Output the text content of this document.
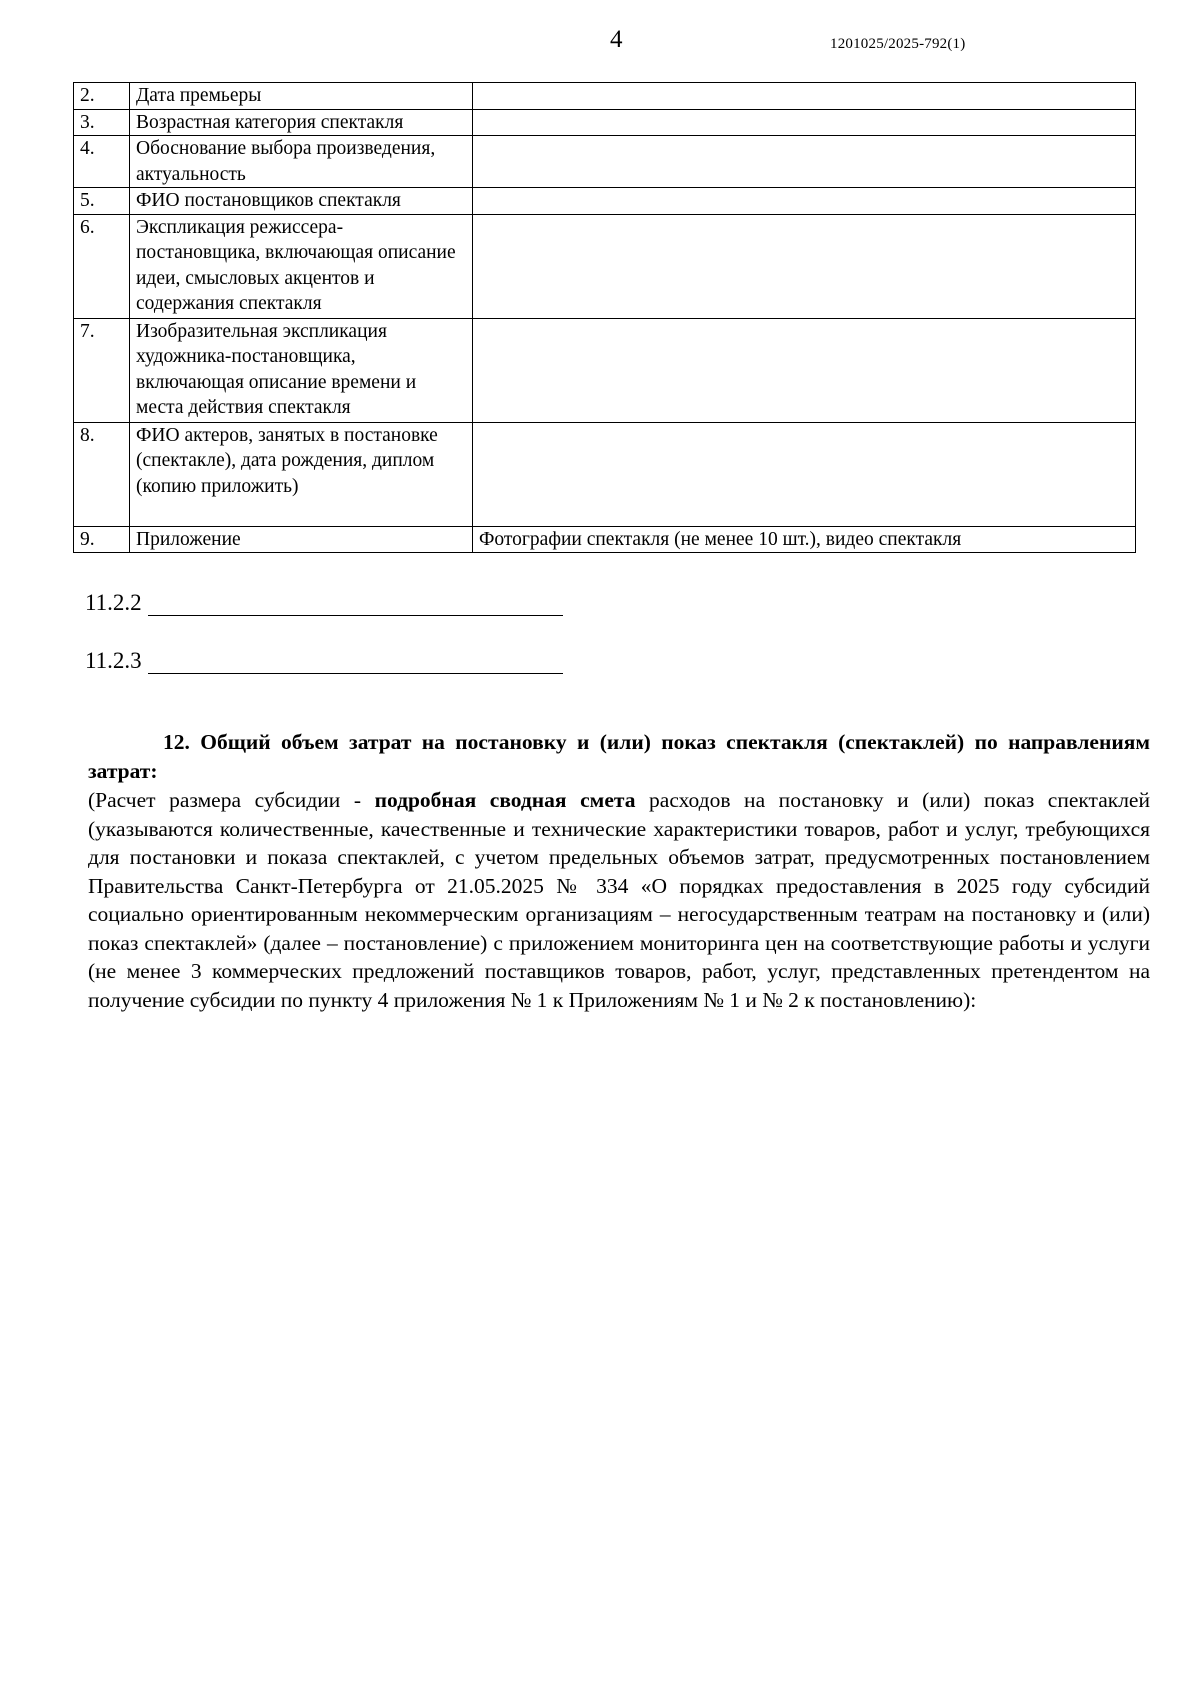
4	1201025/2025-792(1)
2.	Дата премьеры	
3.	Возрастная категория спектакля	
4.	Обоснование выбора произведения, актуальность	
5.	ФИО постановщиков спектакля	
6.	Экспликация режиссера-постановщика, включающая описание идеи, смысловых акцентов и содержания спектакля	
7.	Изобразительная экспликация художника-постановщика, включающая описание времени и места действия спектакля	
8.	ФИО актеров, занятых в постановке (спектакле), дата рождения, диплом (копию приложить)	
9.	Приложение	Фотографии спектакля (не менее 10 шт.), видео спектакля
11.2.2
11.2.3
12. Общий объем затрат на постановку и (или) показ спектакля (спектаклей) по направлениям затрат:
(Расчет размера субсидии - подробная сводная смета расходов на постановку и (или) показ спектаклей (указываются количественные, качественные и технические характеристики товаров, работ и услуг, требующихся для постановки и показа спектаклей, с учетом предельных объемов затрат, предусмотренных постановлением Правительства Санкт-Петербурга от 21.05.2025 № 334 «О порядках предоставления в 2025 году субсидий социально ориентированным некоммерческим организациям – негосударственным театрам на постановку и (или) показ спектаклей» (далее – постановление) с приложением мониторинга цен на соответствующие работы и услуги (не менее 3 коммерческих предложений поставщиков товаров, работ, услуг, представленных претендентом на получение субсидии по пункту 4 приложения № 1 к Приложениям № 1 и № 2 к постановлению):
